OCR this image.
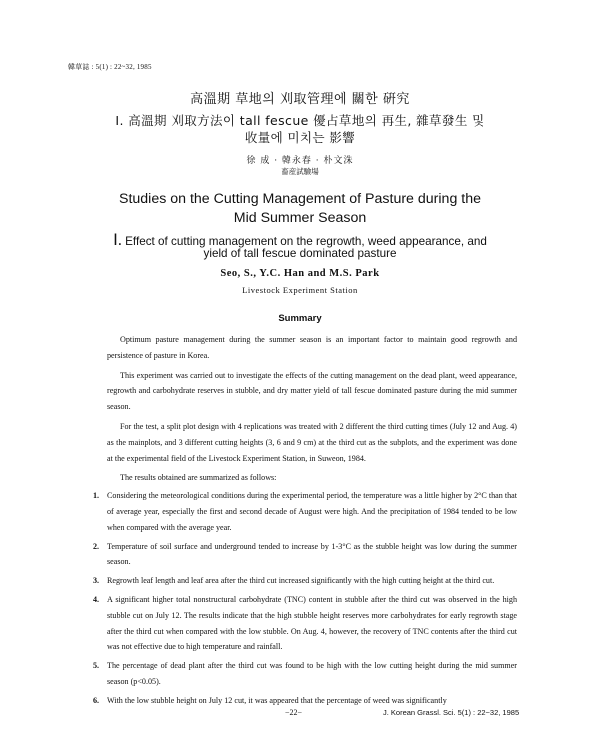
韓草誌 : 5(1) : 22~32, 1985
高溫期 草地의 刈取管理에 關한 硏究
Ⅰ. 高溫期 刈取方法이 tall fescue 優占草地의 再生, 雜草發生 및
收量에 미치는 影響
徐 成 · 韓永春 · 朴文洙
畜産試驗場
Studies on the Cutting Management of Pasture during the
Mid Summer Season
Ⅰ. Effect of cutting management on the regrowth, weed appearance, and
yield of tall fescue dominated pasture
Seo, S., Y.C. Han and M.S. Park
Livestock Experiment Station
Summary

Optimum pasture management during the summer season is an important factor to maintain good regrowth and persistence of pasture in Korea.

This experiment was carried out to investigate the effects of the cutting management on the dead plant, weed appearance, regrowth and carbohydrate reserves in stubble, and dry matter yield of tall fescue dominated pasture during the mid summer season.

For the test, a split plot design with 4 replications was treated with 2 different the third cutting times (July 12 and Aug. 4) as the mainplots, and 3 different cutting heights (3, 6 and 9 cm) at the third cut as the subplots, and the experiment was done at the experimental field of the Livestock Experiment Station, in Suweon, 1984.

The results obtained are summarized as follows:

1. Considering the meteorological conditions during the experimental period, the temperature was a little higher by 2°C than that of average year, especially the first and second decade of August were high. And the precipitation of 1984 tended to be low when compared with the average year.
2. Temperature of soil surface and underground tended to increase by 1-3°C as the stubble height was low during the summer season.
3. Regrowth leaf length and leaf area after the third cut increased significantly with the high cutting height at the third cut.
4. A significant higher total nonstructural carbohydrate (TNC) content in stubble after the third cut was observed in the high stubble cut on July 12. The results indicate that the high stubble height reserves more carbohydrates for early regrowth stage after the third cut when compared with the low stubble. On Aug. 4, however, the recovery of TNC contents after the third cut was not effective due to high temperature and rainfall.
5. The percentage of dead plant after the third cut was found to be high with the low cutting height during the mid summer season (p<0.05).
6. With the low stubble height on July 12 cut, it was appeared that the percentage of weed was significantly
−22−	J. Korean Grassl. Sci. 5(1) : 22~32, 1985
